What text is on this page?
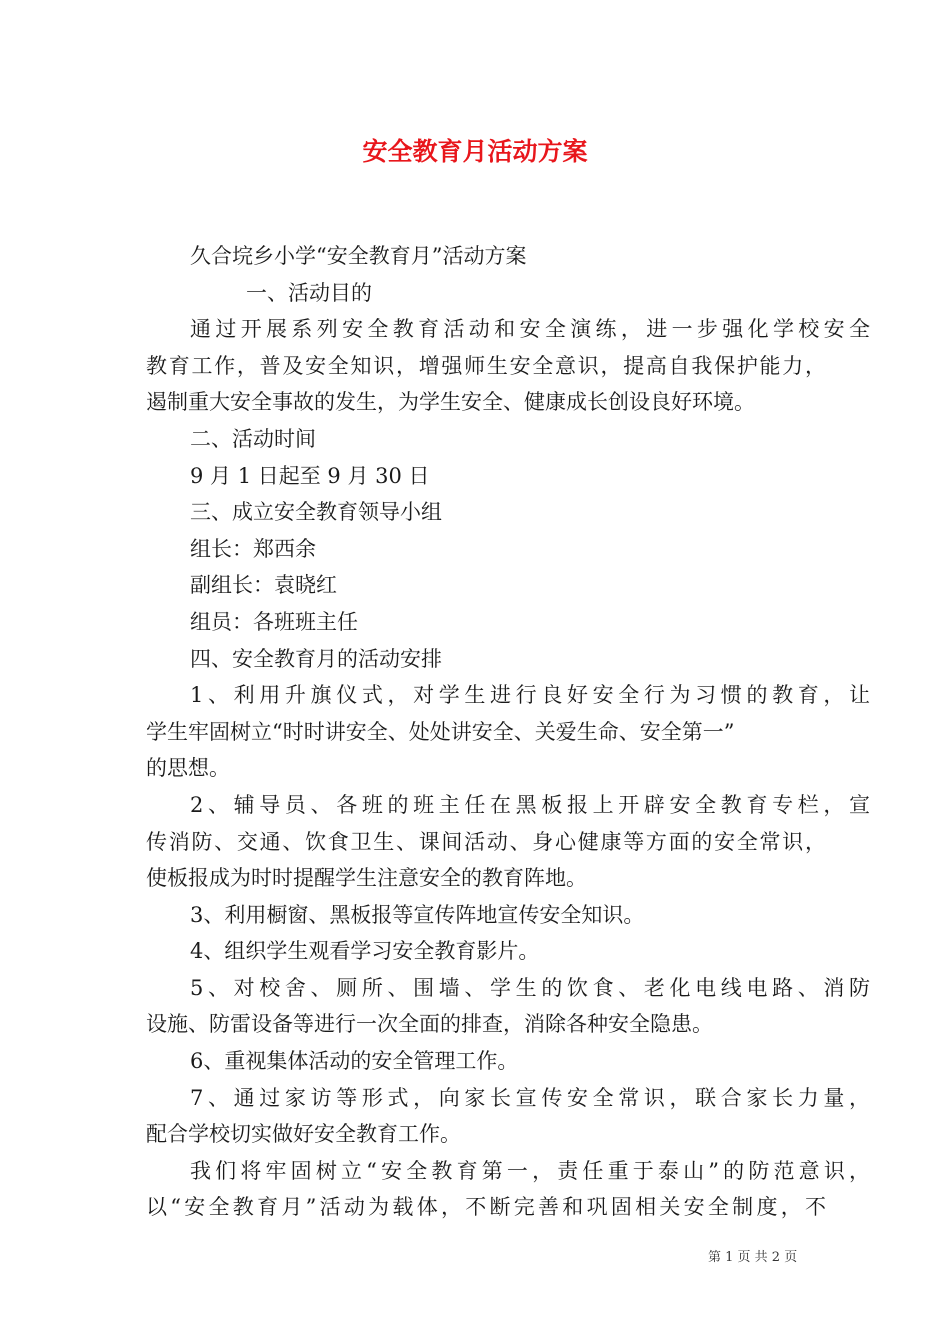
安全教育月活动方案
久合垸乡小学“安全教育月”活动方案
一、活动目的
通过开展系列安全教育活动和安全演练，进一步强化学校安全
教育工作，普及安全知识，增强师生安全意识，提高自我保护能力，
遏制重大安全事故的发生，为学生安全、健康成长创设良好环境。
二、活动时间
9 月 1 日起至 9 月 30 日
三、成立安全教育领导小组
组长：郑西余
副组长：袁晓红
组员：各班班主任
四、安全教育月的活动安排
1、利用升旗仪式，对学生进行良好安全行为习惯的教育，让
学生牢固树立“时时讲安全、处处讲安全、关爱生命、安全第一”
的思想。
2、辅导员、各班的班主任在黑板报上开辟安全教育专栏，宣
传消防、交通、饮食卫生、课间活动、身心健康等方面的安全常识，
使板报成为时时提醒学生注意安全的教育阵地。
3、利用橱窗、黑板报等宣传阵地宣传安全知识。
4、组织学生观看学习安全教育影片。
5、对校舍、厕所、围墙、学生的饮食、老化电线电路、消防
设施、防雷设备等进行一次全面的排查，消除各种安全隐患。
6、重视集体活动的安全管理工作。
7、通过家访等形式，向家长宣传安全常识，联合家长力量，
配合学校切实做好安全教育工作。
我们将牢固树立“安全教育第一，责任重于泰山”的防范意识，
以“安全教育月”活动为载体，不断完善和巩固相关安全制度，不
第 1 页 共 2 页
